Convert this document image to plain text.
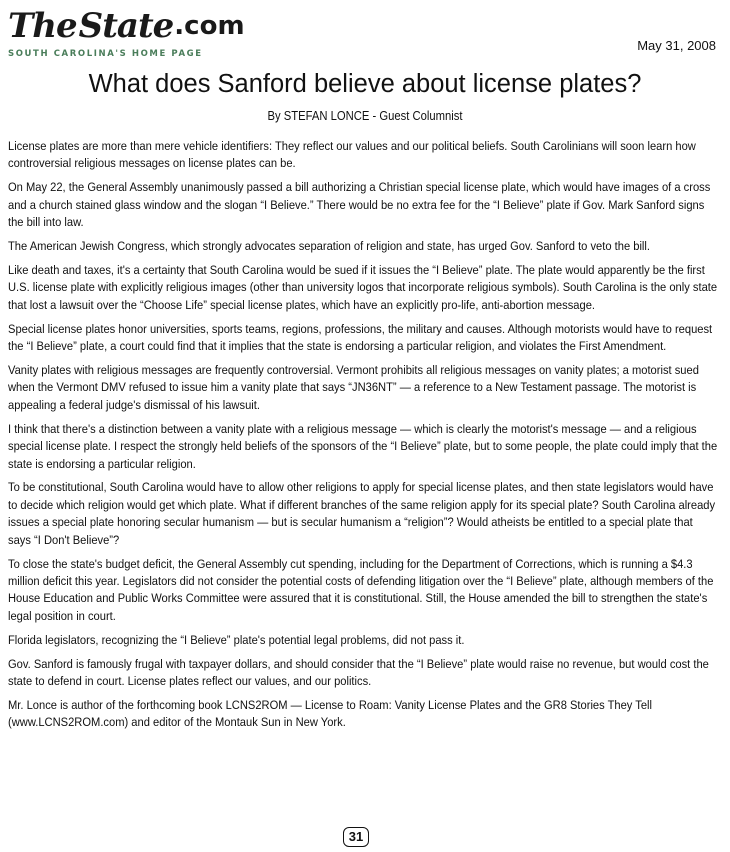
The State .com
SOUTH CAROLINA'S HOME PAGE
May 31, 2008
What does Sanford believe about license plates?
By STEFAN LONCE - Guest Columnist

License plates are more than mere vehicle identifiers: They reflect our values and our political beliefs. South Carolinians will soon learn how controversial religious messages on license plates can be.

On May 22, the General Assembly unanimously passed a bill authorizing a Christian special license plate, which would have images of a cross and a church stained glass window and the slogan “I Believe.” There would be no extra fee for the “I Believe” plate if Gov. Mark Sanford signs the bill into law.

The American Jewish Congress, which strongly advocates separation of religion and state, has urged Gov. Sanford to veto the bill.

Like death and taxes, it's a certainty that South Carolina would be sued if it issues the “I Believe” plate. The plate would apparently be the first U.S. license plate with explicitly religious images (other than university logos that incorporate religious symbols). South Carolina is the only state that lost a lawsuit over the “Choose Life” special license plates, which have an explicitly pro-life, anti-abortion message.

Special license plates honor universities, sports teams, regions, professions, the military and causes. Although motorists would have to request the “I Believe” plate, a court could find that it implies that the state is endorsing a particular religion, and violates the First Amendment.

Vanity plates with religious messages are frequently controversial. Vermont prohibits all religious messages on vanity plates; a motorist sued when the Vermont DMV refused to issue him a vanity plate that says “JN36NT” — a reference to a New Testament passage. The motorist is appealing a federal judge's dismissal of his lawsuit.

I think that there's a distinction between a vanity plate with a religious message — which is clearly the motorist's message — and a religious special license plate. I respect the strongly held beliefs of the sponsors of the “I Believe” plate, but to some people, the plate could imply that the state is endorsing a particular religion.

To be constitutional, South Carolina would have to allow other religions to apply for special license plates, and then state legislators would have to decide which religion would get which plate. What if different branches of the same religion apply for its special plate? South Carolina already issues a special plate honoring secular humanism — but is secular humanism a “religion”? Would atheists be entitled to a special plate that says “I Don't Believe”?

To close the state's budget deficit, the General Assembly cut spending, including for the Department of Corrections, which is running a $4.3 million deficit this year. Legislators did not consider the potential costs of defending litigation over the “I Believe” plate, although members of the House Education and Public Works Committee were assured that it is constitutional. Still, the House amended the bill to strengthen the state's legal position in court.

Florida legislators, recognizing the “I Believe” plate's potential legal problems, did not pass it.

Gov. Sanford is famously frugal with taxpayer dollars, and should consider that the “I Believe” plate would raise no revenue, but would cost the state to defend in court. License plates reflect our values, and our politics.

Mr. Lonce is author of the forthcoming book LCNS2ROM — License to Roam: Vanity License Plates and the GR8 Stories They Tell (www.LCNS2ROM.com) and editor of the Montauk Sun in New York.

31
